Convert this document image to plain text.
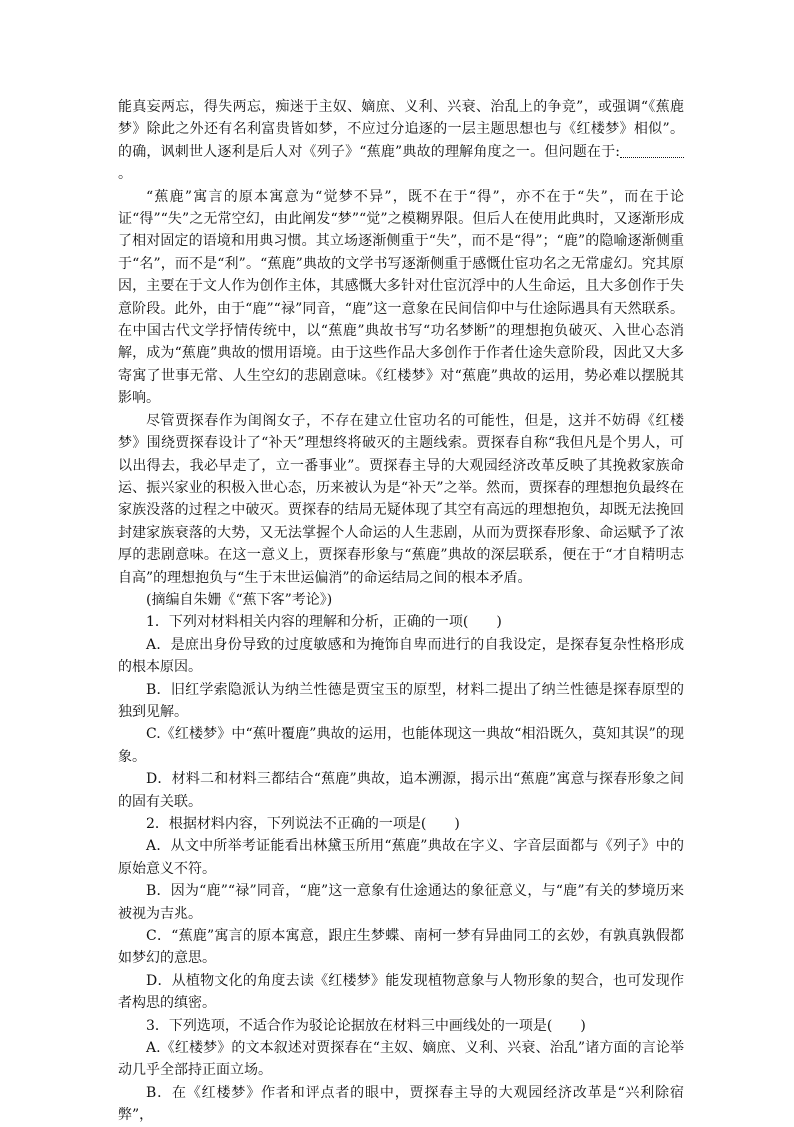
能真妄两忘，得失两忘，痴迷于主奴、嫡庶、义利、兴衰、治乱上的争竞”，或强调“《蕉鹿梦》除此之外还有名利富贵皆如梦，不应过分追逐的一层主题思想也与《红楼梦》相似”。的确，讽刺世人逐利是后人对《列子》“蕉鹿”典故的理解角度之一。但问题在于:。

“蕉鹿”寓言的原本寓意为“觉梦不异”，既不在于“得”，亦不在于“失”，而在于论证“得”“失”之无常空幻，由此阐发“梦”“觉”之模糊界限。但后人在使用此典时，又逐渐形成了相对固定的语境和用典习惯。其立场逐渐侧重于“失”，而不是“得”；“鹿”的隐喻逐渐侧重于“名”，而不是“利”。“蕉鹿”典故的文学书写逐渐侧重于感慨仕宦功名之无常虚幻。究其原因，主要在于文人作为创作主体，其感慨大多针对仕宦沉浮中的人生命运，且大多创作于失意阶段。此外，由于“鹿”“禄”同音，“鹿”这一意象在民间信仰中与仕途际遇具有天然联系。在中国古代文学抒情传统中，以“蕉鹿”典故书写“功名梦断”的理想抱负破灭、入世心态消解，成为“蕉鹿”典故的惯用语境。由于这些作品大多创作于作者仕途失意阶段，因此又大多寄寓了世事无常、人生空幻的悲剧意味。《红楼梦》对“蕉鹿”典故的运用，势必难以摆脱其影响。

尽管贾探春作为闺阁女子，不存在建立仕宦功名的可能性，但是，这并不妨碍《红楼梦》围绕贾探春设计了“补天”理想终将破灭的主题线索。贾探春自称“我但凡是个男人，可以出得去，我必早走了，立一番事业”。贾探春主导的大观园经济改革反映了其挽救家族命运、振兴家业的积极入世心态，历来被认为是“补天”之举。然而，贾探春的理想抱负最终在家族没落的过程之中破灭。贾探春的结局无疑体现了其空有高远的理想抱负，却既无法挽回封建家族衰落的大势，又无法掌握个人命运的人生悲剧，从而为贾探春形象、命运赋予了浓厚的悲剧意味。在这一意义上，贾探春形象与“蕉鹿”典故的深层联系，便在于“才自精明志自高”的理想抱负与“生于末世运偏消”的命运结局之间的根本矛盾。

(摘编自朱姗《“蕉下客”考论》)

1．下列对材料相关内容的理解和分析，正确的一项(　　)

A．是庶出身份导致的过度敏感和为掩饰自卑而进行的自我设定，是探春复杂性格形成的根本原因。

B．旧红学索隐派认为纳兰性德是贾宝玉的原型，材料二提出了纳兰性德是探春原型的独到见解。

C.《红楼梦》中“蕉叶覆鹿”典故的运用，也能体现这一典故“相沿既久，莫知其误”的现象。

D．材料二和材料三都结合“蕉鹿”典故，追本溯源，揭示出“蕉鹿”寓意与探春形象之间的固有关联。

2．根据材料内容，下列说法不正确的一项是(　　)

A．从文中所举考证能看出林黛玉所用“蕉鹿”典故在字义、字音层面都与《列子》中的原始意义不符。

B．因为“鹿”“禄”同音，“鹿”这一意象有仕途通达的象征意义，与“鹿”有关的梦境历来被视为吉兆。

C．“蕉鹿”寓言的原本寓意，跟庄生梦蝶、南柯一梦有异曲同工的玄妙，有孰真孰假都如梦幻的意思。

D．从植物文化的角度去读《红楼梦》能发现植物意象与人物形象的契合，也可发现作者构思的缜密。

3．下列选项，不适合作为驳论论据放在材料三中画线处的一项是(　　)

A.《红楼梦》的文本叙述对贾探春在“主奴、嫡庶、义利、兴衰、治乱”诸方面的言论举动几乎全部持正面立场。

B．在《红楼梦》作者和评点者的眼中，贾探春主导的大观园经济改革是“兴利除宿弊”，
